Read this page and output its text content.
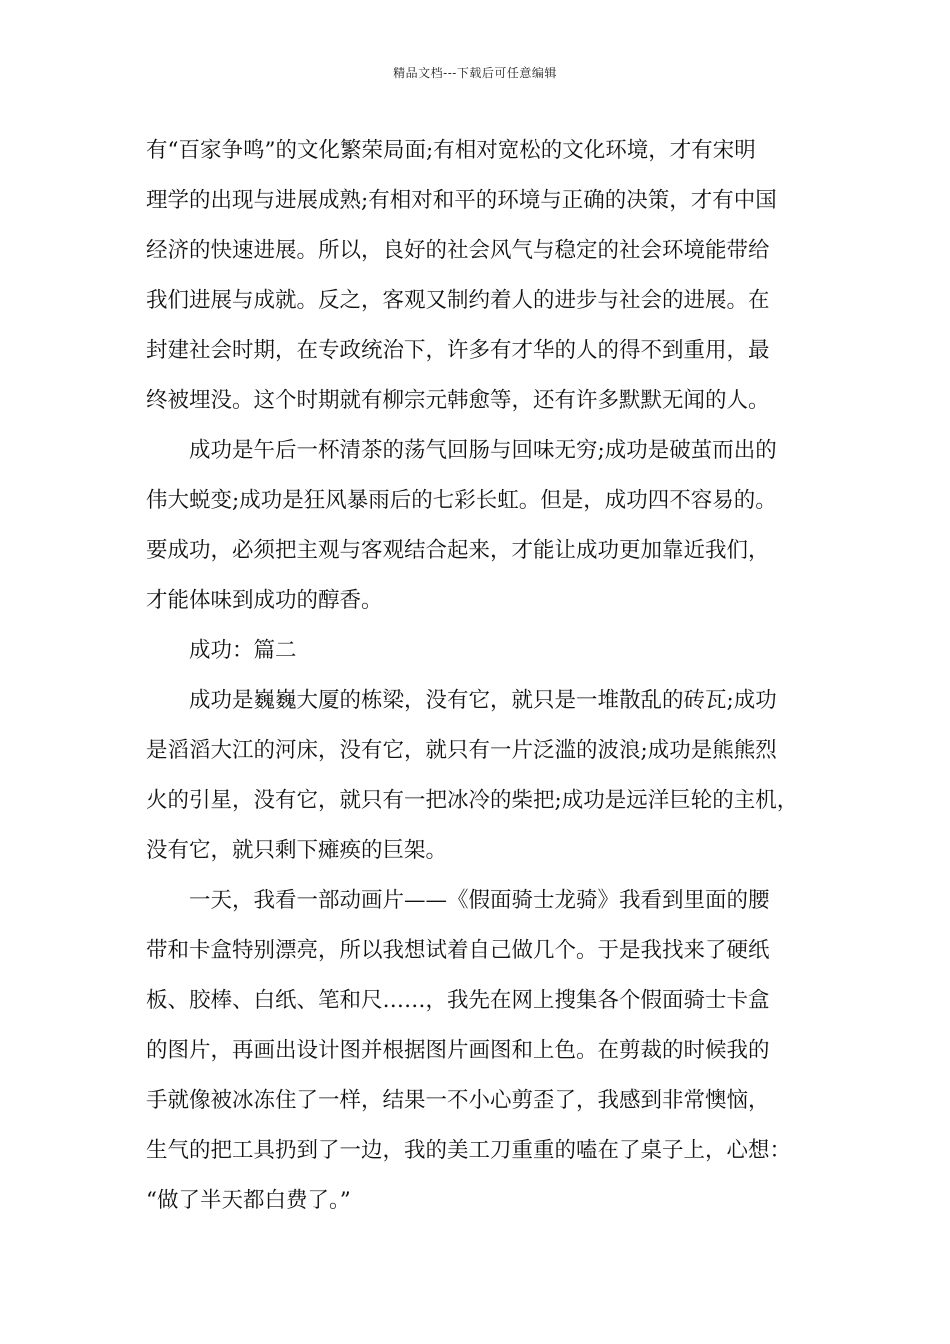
精品文档---下载后可任意编辑
有“百家争鸣”的文化繁荣局面;有相对宽松的文化环境，才有宋明
理学的出现与进展成熟;有相对和平的环境与正确的决策，才有中国
经济的快速进展。所以，良好的社会风气与稳定的社会环境能带给
我们进展与成就。反之，客观又制约着人的进步与社会的进展。在
封建社会时期，在专政统治下，许多有才华的人的得不到重用，最
终被埋没。这个时期就有柳宗元韩愈等，还有许多默默无闻的人。
成功是午后一杯清茶的荡气回肠与回味无穷;成功是破茧而出的
伟大蜕变;成功是狂风暴雨后的七彩长虹。但是，成功四不容易的。
要成功，必须把主观与客观结合起来，才能让成功更加靠近我们，
才能体味到成功的醇香。
成功：篇二
成功是巍巍大厦的栋梁，没有它，就只是一堆散乱的砖瓦;成功
是滔滔大江的河床，没有它，就只有一片泛滥的波浪;成功是熊熊烈
火的引星，没有它，就只有一把冰冷的柴把;成功是远洋巨轮的主机，
没有它，就只剩下瘫痪的巨架。
一天，我看一部动画片——《假面骑士龙骑》我看到里面的腰
带和卡盒特别漂亮，所以我想试着自己做几个。于是我找来了硬纸
板、胶棒、白纸、笔和尺……，我先在网上搜集各个假面骑士卡盒
的图片，再画出设计图并根据图片画图和上色。在剪裁的时候我的
手就像被冰冻住了一样，结果一不小心剪歪了，我感到非常懊恼，
生气的把工具扔到了一边，我的美工刀重重的嗑在了桌子上，心想：
“做了半天都白费了。”
